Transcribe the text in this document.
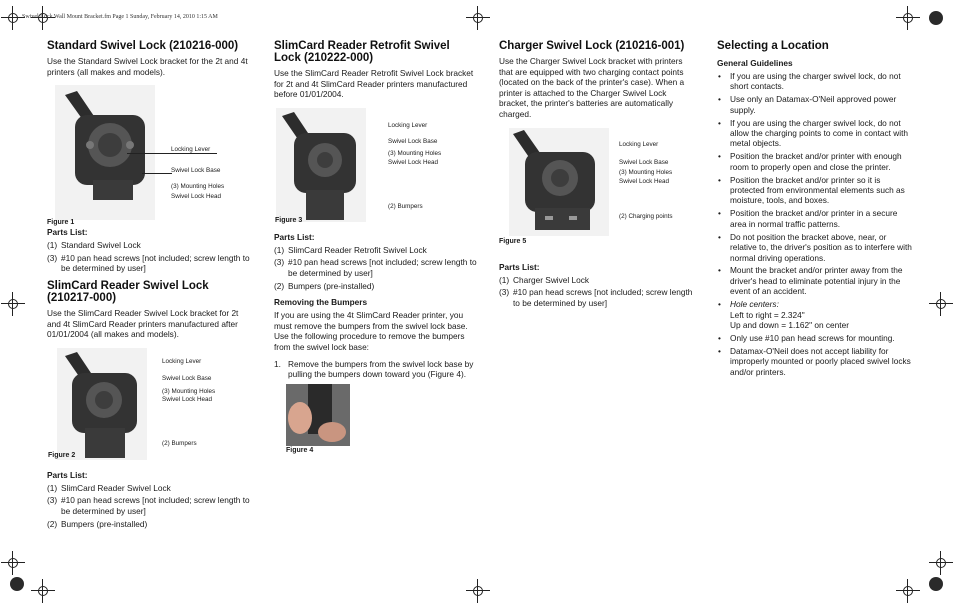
Swivel Lock Wall Mount Bracket.fm Page 1 Sunday, February 14, 2010 1:15 AM
Standard Swivel Lock (210216-000)

Use the Standard Swivel Lock bracket for the 2t and 4t printers (all makes and models).

Locking Lever
Swivel Lock Base
(3) Mounting Holes
Swivel Lock Head
Figure 1
Parts List:
(1) Standard Swivel Lock
(3) #10 pan head screws [not included; screw length to be determined by user]
SlimCard Reader Swivel Lock (210217-000)

Use the SlimCard Reader Swivel Lock bracket for 2t and 4t SlimCard Reader printers manufactured after 01/01/2004 (all makes and models).

Locking Lever
Swivel Lock Base
(3) Mounting Holes
Swivel Lock Head
(2) Bumpers
Figure 2
Parts List:
(1) SlimCard Reader Swivel Lock
(3) #10 pan head screws [not included; screw length to be determined by user]
(2) Bumpers (pre-installed)
SlimCard Reader Retrofit Swivel Lock (210222-000)

Use the SlimCard Reader Retrofit Swivel Lock bracket for 2t and 4t SlimCard Reader printers manufactured before 01/01/2004.

Locking Lever
Swivel Lock Base
(3) Mounting Holes
Swivel Lock Head
(2) Bumpers
Figure 3
Parts List:
(1) SlimCard Reader Retrofit Swivel Lock
(3) #10 pan head screws [not included; screw length to be determined by user]
(2) Bumpers (pre-installed)
Removing the Bumpers

If you are using the 4t SlimCard Reader printer, you must remove the bumpers from the swivel lock base. Use the following procedure to remove the bumpers from the swivel lock base:

1. Remove the bumpers from the swivel lock base by pulling the bumpers down toward you (Figure 4).
Figure 4
Charger Swivel Lock (210216-001)

Use the Charger Swivel Lock bracket with printers that are equipped with two charging contact points (located on the back of the printer's case). When a printer is attached to the Charger Swivel Lock bracket, the printer's batteries are automatically charged.

Locking Lever
Swivel Lock Base
(3) Mounting Holes
Swivel Lock Head
(2) Charging points
Figure 5
Parts List:
(1) Charger Swivel Lock
(3) #10 pan head screws [not included; screw length to be determined by user]
Selecting a Location
General Guidelines
•	If you are using the charger swivel lock, do not short contacts.
•	Use only an Datamax-O'Neil approved power supply.
•	If you are using the charger swivel lock, do not allow the charging points to come in contact with metal objects.
•	Position the bracket and/or printer with enough room to properly open and close the printer.
•	Position the bracket and/or printer so it is protected from environmental elements such as moisture, tools, and boxes.
•	Position the bracket and/or printer in a secure area in normal traffic patterns.
•	Do not position the bracket above, near, or relative to, the driver's position as to interfere with normal driving operations.
•	Mount the bracket and/or printer away from the driver's head to eliminate potential injury in the event of an accident.
•	Hole centers:
Left to right = 2.324"
Up and down = 1.162" on center
•	Only use #10 pan head screws for mounting.
•	Datamax-O'Neil does not accept liability for improperly mounted or poorly placed swivel locks and/or printers.
